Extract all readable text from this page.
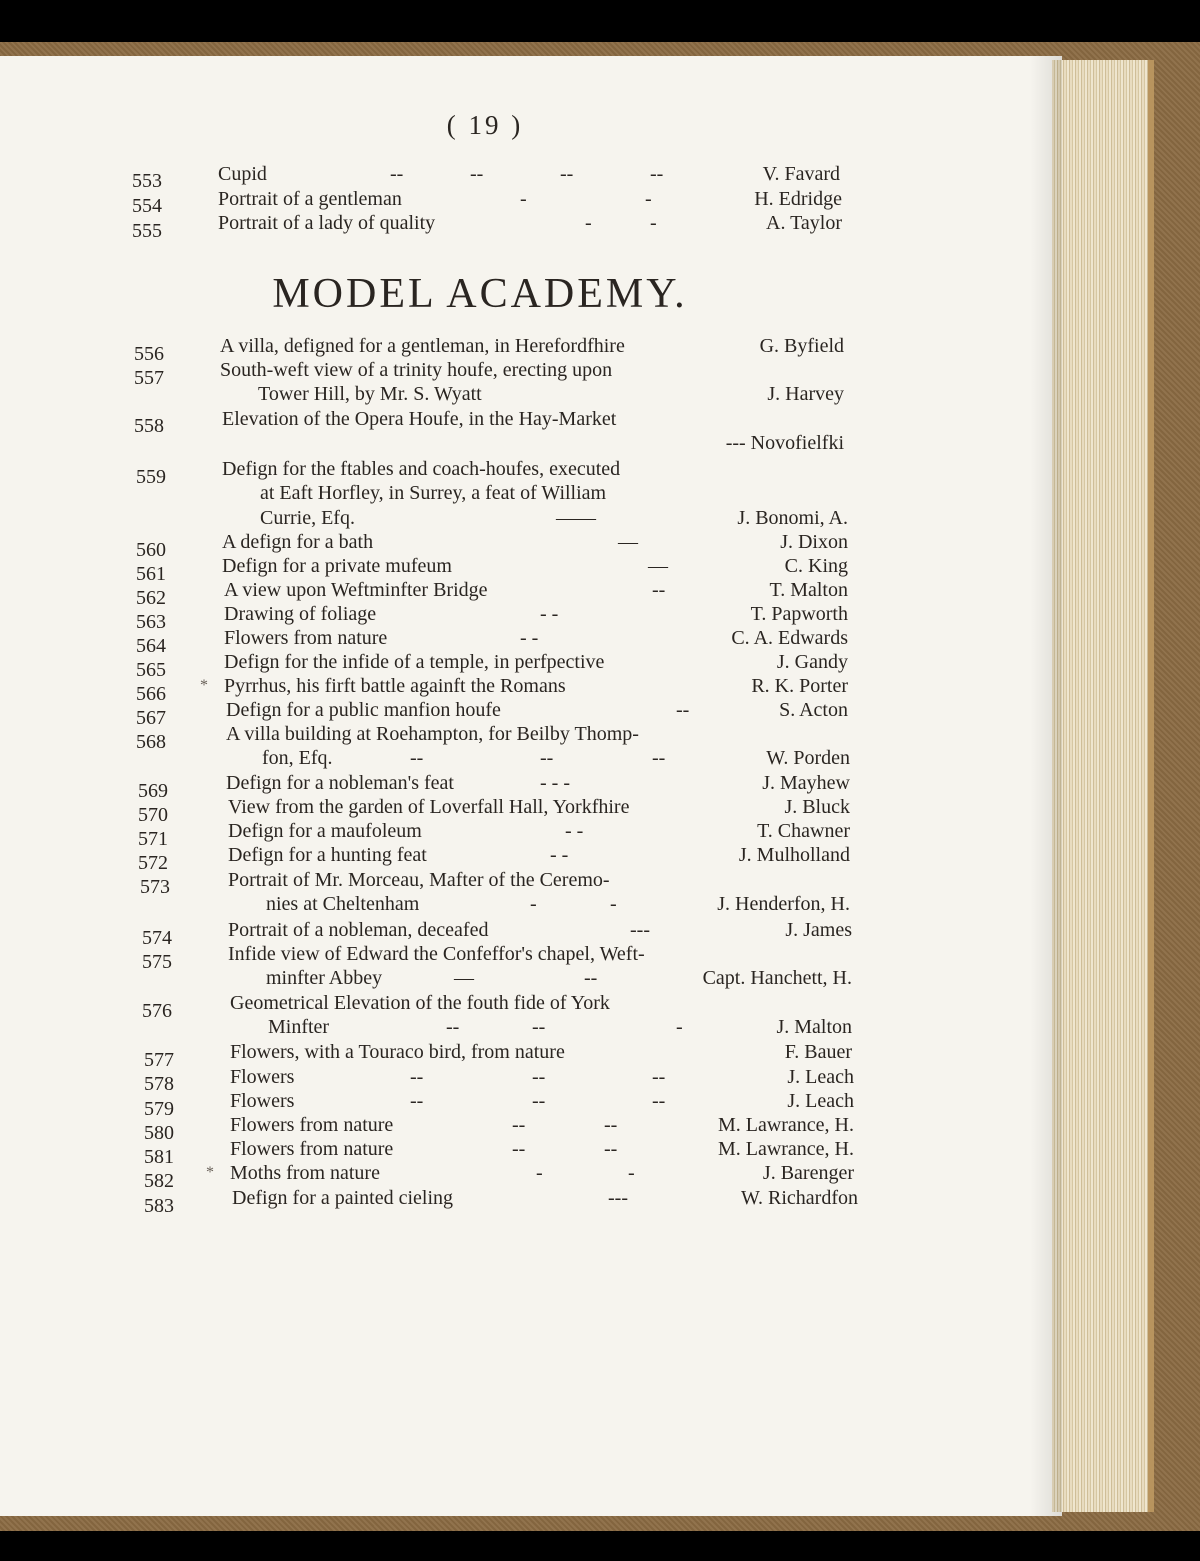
( 19 )
553	Cupid	--	--	--	--	V. Favard
554	Portrait of a gentleman	-	-	H. Edridge
555	Portrait of a lady of quality	-	-	A. Taylor
MODEL ACADEMY.
556	A villa, defigned for a gentleman, in Herefordfhire	G. Byfield
557	South-weft view of a trinity houfe, erecting upon
Tower Hill, by Mr. S. Wyatt	J. Harvey
558	Elevation of the Opera Houfe, in the Hay-Market
--- Novofielfki
559	Defign for the ftables and coach-houfes, executed
at Eaft Horfley, in Surrey, a feat of William
Currie, Efq.	——	J. Bonomi, A.
560	A defign for a bath	—	J. Dixon
561	Defign for a private mufeum	—	C. King
562	A view upon Weftminfter Bridge	--	T. Malton
563	Drawing of foliage	- -	T. Papworth
564	Flowers from nature	- -	C. A. Edwards
565	Defign for the infide of a temple, in perfpective	J. Gandy
566 * Pyrrhus, his firft battle againft the Romans	R. K. Porter
567	Defign for a public manfion houfe	--	S. Acton
568	A villa building at Roehampton, for Beilby Thomp-
fon, Efq.	--	--	--	W. Porden
569	Defign for a nobleman's feat	- - -	J. Mayhew
570	View from the garden of Loverfall Hall, Yorkfhire	J. Bluck
571	Defign for a maufoleum	- -	T. Chawner
572	Defign for a hunting feat	- -	J. Mulholland
573	Portrait of Mr. Morceau, Mafter of the Ceremo-
nies at Cheltenham	-	-	J. Henderfon, H.
574	Portrait of a nobleman, deceafed	---	J. James
575	Infide view of Edward the Confeffor's chapel, Weft-
minfter Abbey	—	--	Capt. Hanchett, H.
576	Geometrical Elevation of the fouth fide of York
Minfter	--	--	-	J. Malton
577	Flowers, with a Touraco bird, from nature	F. Bauer
578	Flowers	--	--	--	J. Leach
579	Flowers	--	--	--	J. Leach
580	Flowers from nature	--	--	M. Lawrance, H.
581	Flowers from nature	--	--	M. Lawrance, H.
582 * Moths from nature	-	-	J. Barenger
583	Defign for a painted cieling	---	W. Richardfon
